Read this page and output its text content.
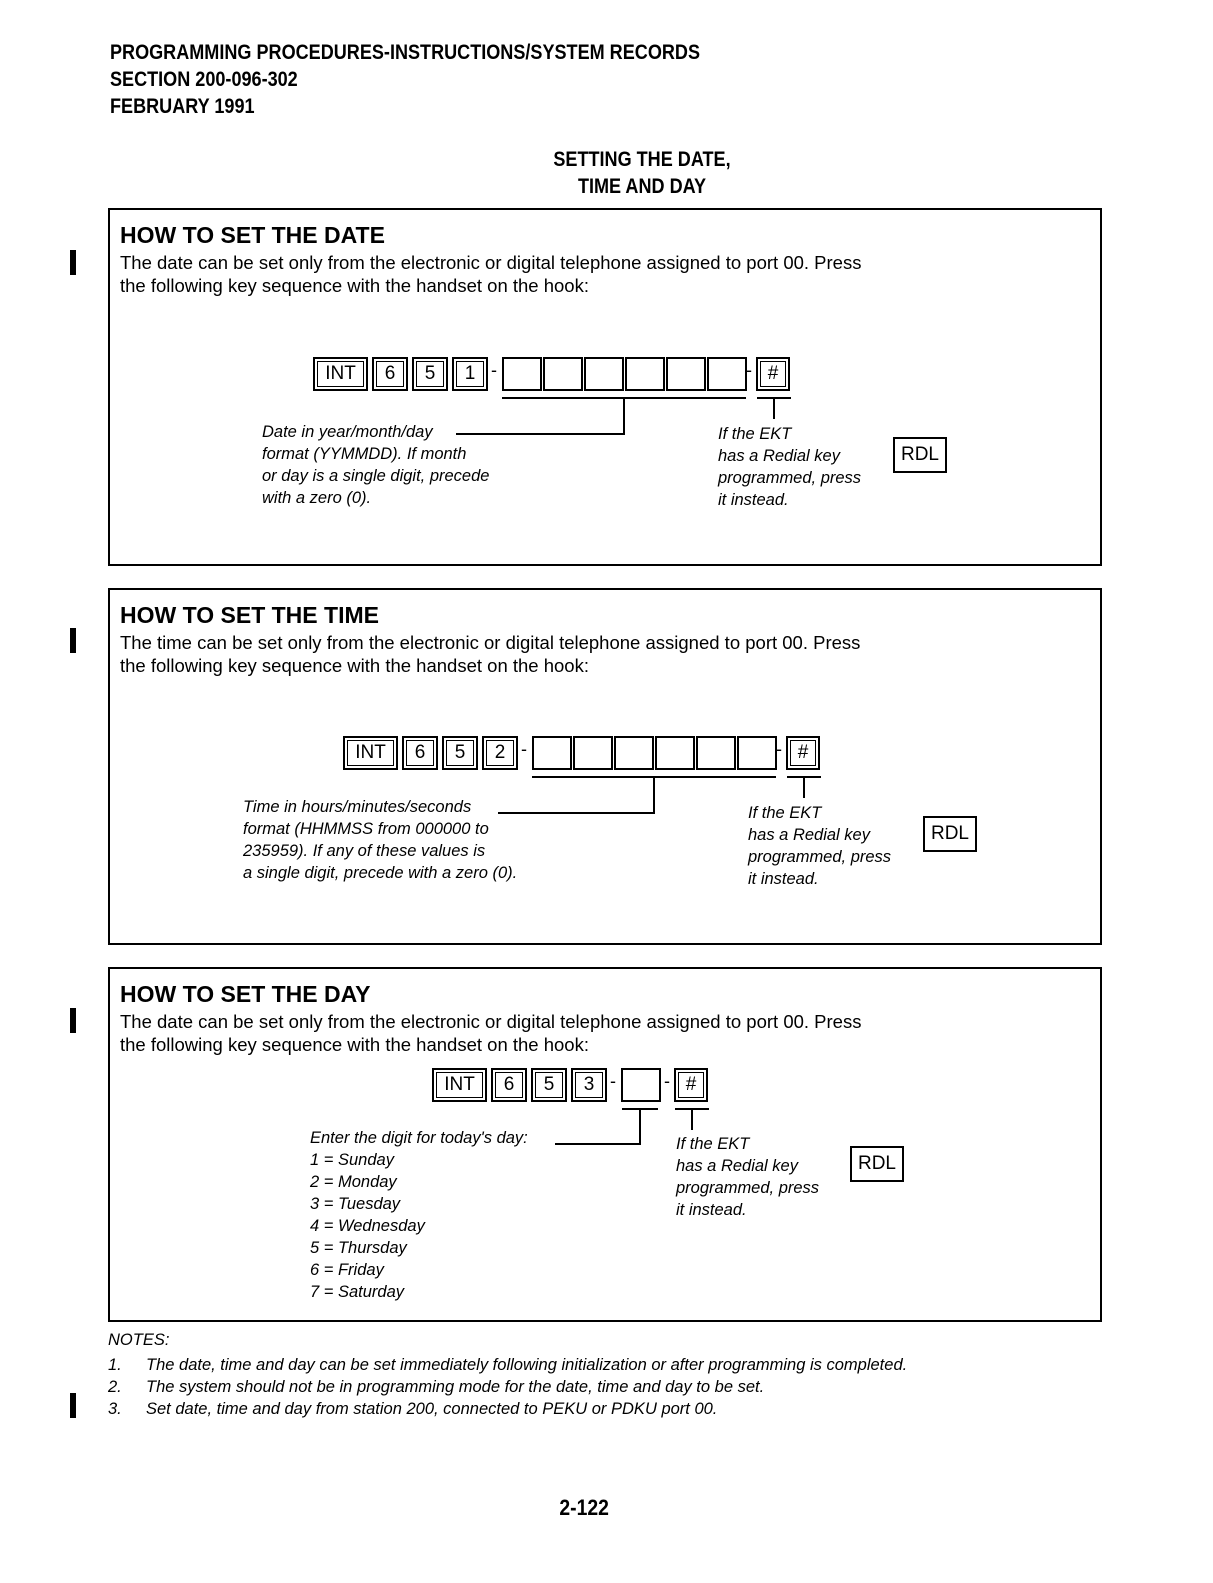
PROGRAMMING PROCEDURES-INSTRUCTIONS/SYSTEM RECORDS
SECTION 200-096-302
FEBRUARY 1991
SETTING THE DATE,
TIME AND DAY
HOW TO SET THE DATE
The date can be set only from the electronic or digital telephone assigned to port 00. Press
the following key sequence with the handset on the hook:
INT 6 5 1 -	- #
Date in year/month/day
format (YYMMDD). If month
or day is a single digit, precede
with a zero (0).
If the EKT
has a Redial key
programmed, press
it instead.
RDL
HOW TO SET THE TIME
The time can be set only from the electronic or digital telephone assigned to port 00. Press
the following key sequence with the handset on the hook:
INT 6 5 2 -	- #
Time in hours/minutes/seconds
format (HHMMSS from 000000 to
235959). If any of these values is
a single digit, precede with a zero (0).
If the EKT
has a Redial key
programmed, press
it instead.
RDL
HOW TO SET THE DAY
The date can be set only from the electronic or digital telephone assigned to port 00. Press
the following key sequence with the handset on the hook:
INT 6 5 3 -	- #
Enter the digit for today's day:
1 = Sunday
2 = Monday
3 = Tuesday
4 = Wednesday
5 = Thursday
6 = Friday
7 = Saturday
If the EKT
has a Redial key
programmed, press
it instead.
RDL
NOTES:
1. The date, time and day can be set immediately following initialization or after programming is completed.
2. The system should not be in programming mode for the date, time and day to be set.
3. Set date, time and day from station 200, connected to PEKU or PDKU port 00.
2-122
